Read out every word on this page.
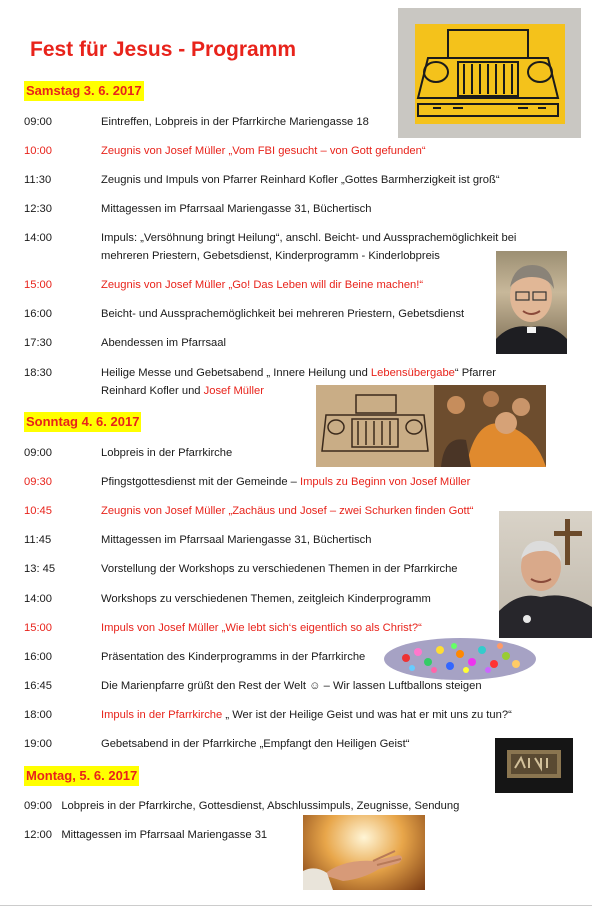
Fest für Jesus - Programm
Samstag 3. 6. 2017
09:00	Eintreffen, Lobpreis in der Pfarrkirche Mariengasse 18
10:00	Zeugnis von Josef Müller „Vom FBI gesucht – von Gott gefunden“
11:30	Zeugnis und Impuls von Pfarrer Reinhard Kofler „Gottes Barmherzigkeit ist groß“
12:30	Mittagessen im Pfarrsaal Mariengasse 31, Büchertisch
14:00	Impuls: „Versöhnung bringt Heilung“, anschl. Beicht- und Aussprachemöglichkeit bei mehreren Priestern, Gebetsdienst, Kinderprogramm - Kinderlobpreis
15:00	Zeugnis von Josef Müller „Go! Das Leben will dir Beine machen!“
16:00	Beicht- und Aussprachemöglichkeit bei mehreren Priestern, Gebetsdienst
17:30	Abendessen im Pfarrsaal
18:30	Heilige Messe und Gebetsabend „ Innere Heilung und Lebensübergabe“ Pfarrer Reinhard Kofler und Josef Müller
Sonntag 4. 6. 2017
09:00	Lobpreis in der Pfarrkirche
09:30	Pfingstgottesdienst mit der Gemeinde – Impuls zu Beginn von Josef Müller
10:45	Zeugnis von Josef Müller „Zachäus und Josef – zwei Schurken finden Gott“
11:45	Mittagessen im Pfarrsaal Mariengasse 31, Büchertisch
13: 45	Vorstellung der Workshops zu verschiedenen Themen in der Pfarrkirche
14:00	Workshops zu verschiedenen Themen, zeitgleich Kinderprogramm
15:00	Impuls von Josef Müller „Wie lebt sich‘s eigentlich so als Christ?“
16:00	Präsentation des Kinderprogramms in der Pfarrkirche
16:45	Die Marienpfarre grüßt den Rest der Welt ☺ – Wir lassen Luftballons steigen
18:00	Impuls in der Pfarrkirche „ Wer ist der Heilige Geist und was hat er mit uns zu tun?“
19:00	Gebetsabend in der Pfarrkirche „Empfangt den Heiligen Geist“
Montag, 5. 6. 2017
09:00 Lobpreis in der Pfarrkirche, Gottesdienst, Abschlussimpuls, Zeugnisse, Sendung
12:00 Mittagessen im Pfarrsaal Mariengasse 31
